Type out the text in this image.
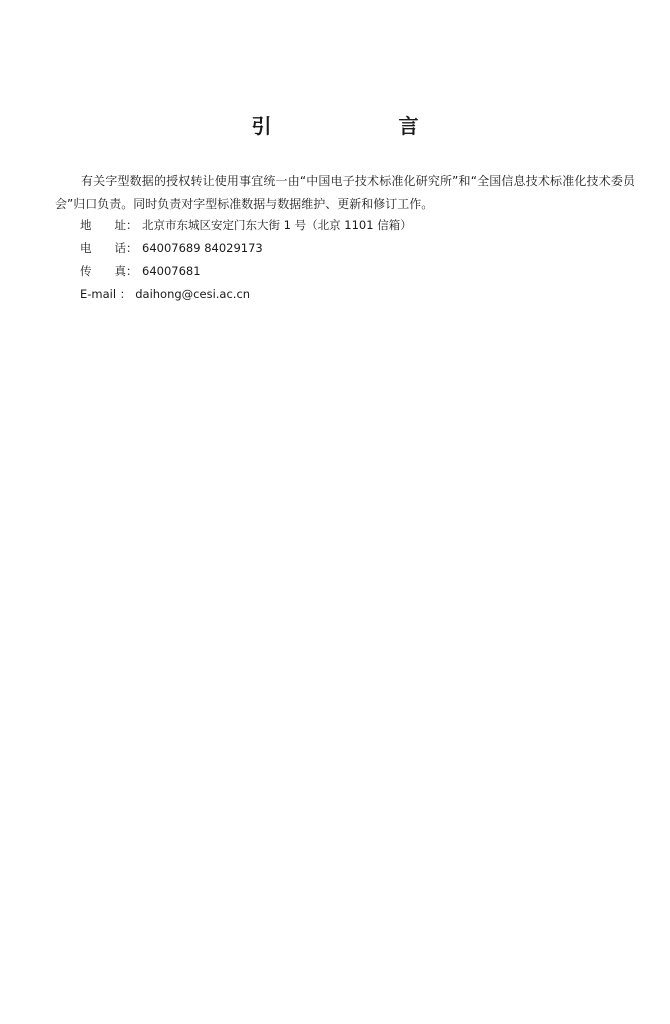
引 言
有关字型数据的授权转让使用事宜统一由“中国电子技术标准化研究所”和“全国信息技术标准化技术委员会”归口负责。同时负责对字型标准数据与数据维护、更新和修订工作。
地　　址： 北京市东城区安定门东大街 1 号（北京 1101 信箱）
电　　话： 64007689 84029173
传　　真： 64007681
E-mail ： daihong@cesi.ac.cn
